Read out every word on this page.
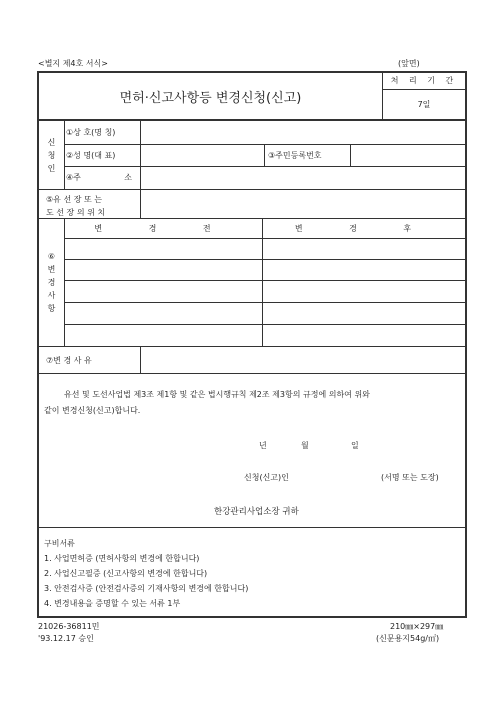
<별지 제4호 서식>	(앞면)
면허·신고사항등 변경신청(신고)
처 리 기 간
7일
신
청
인
①상 호(명 칭)
②성 명(대 표)	③주민등록번호
④주	소
⑤유 선 장 또 는
도 선 장 의 위 치
⑥
변
경
사
항
변 경 전	변 경 후
⑦변 경 사 유
유선 및 도선사업법 제3조 제1항 및 같은 법시행규칙 제2조 제3항의 규정에 의하여 위와
같이 변경신청(신고)합니다.
년	월	일
신청(신고)인	(서명 또는 도장)
한강관리사업소장 귀하
구비서류
1. 사업면허증 (면허사항의 변경에 한합니다)
2. 사업신고필증 (신고사항의 변경에 한합니다)
3. 안전검사증 (안전검사증의 기재사항의 변경에 한합니다)
4. 변경내용을 증명할 수 있는 서류 1부
21026-36811민
'93.12.17 승인
210㎜×297㎜
(신문용지54g/㎡)
